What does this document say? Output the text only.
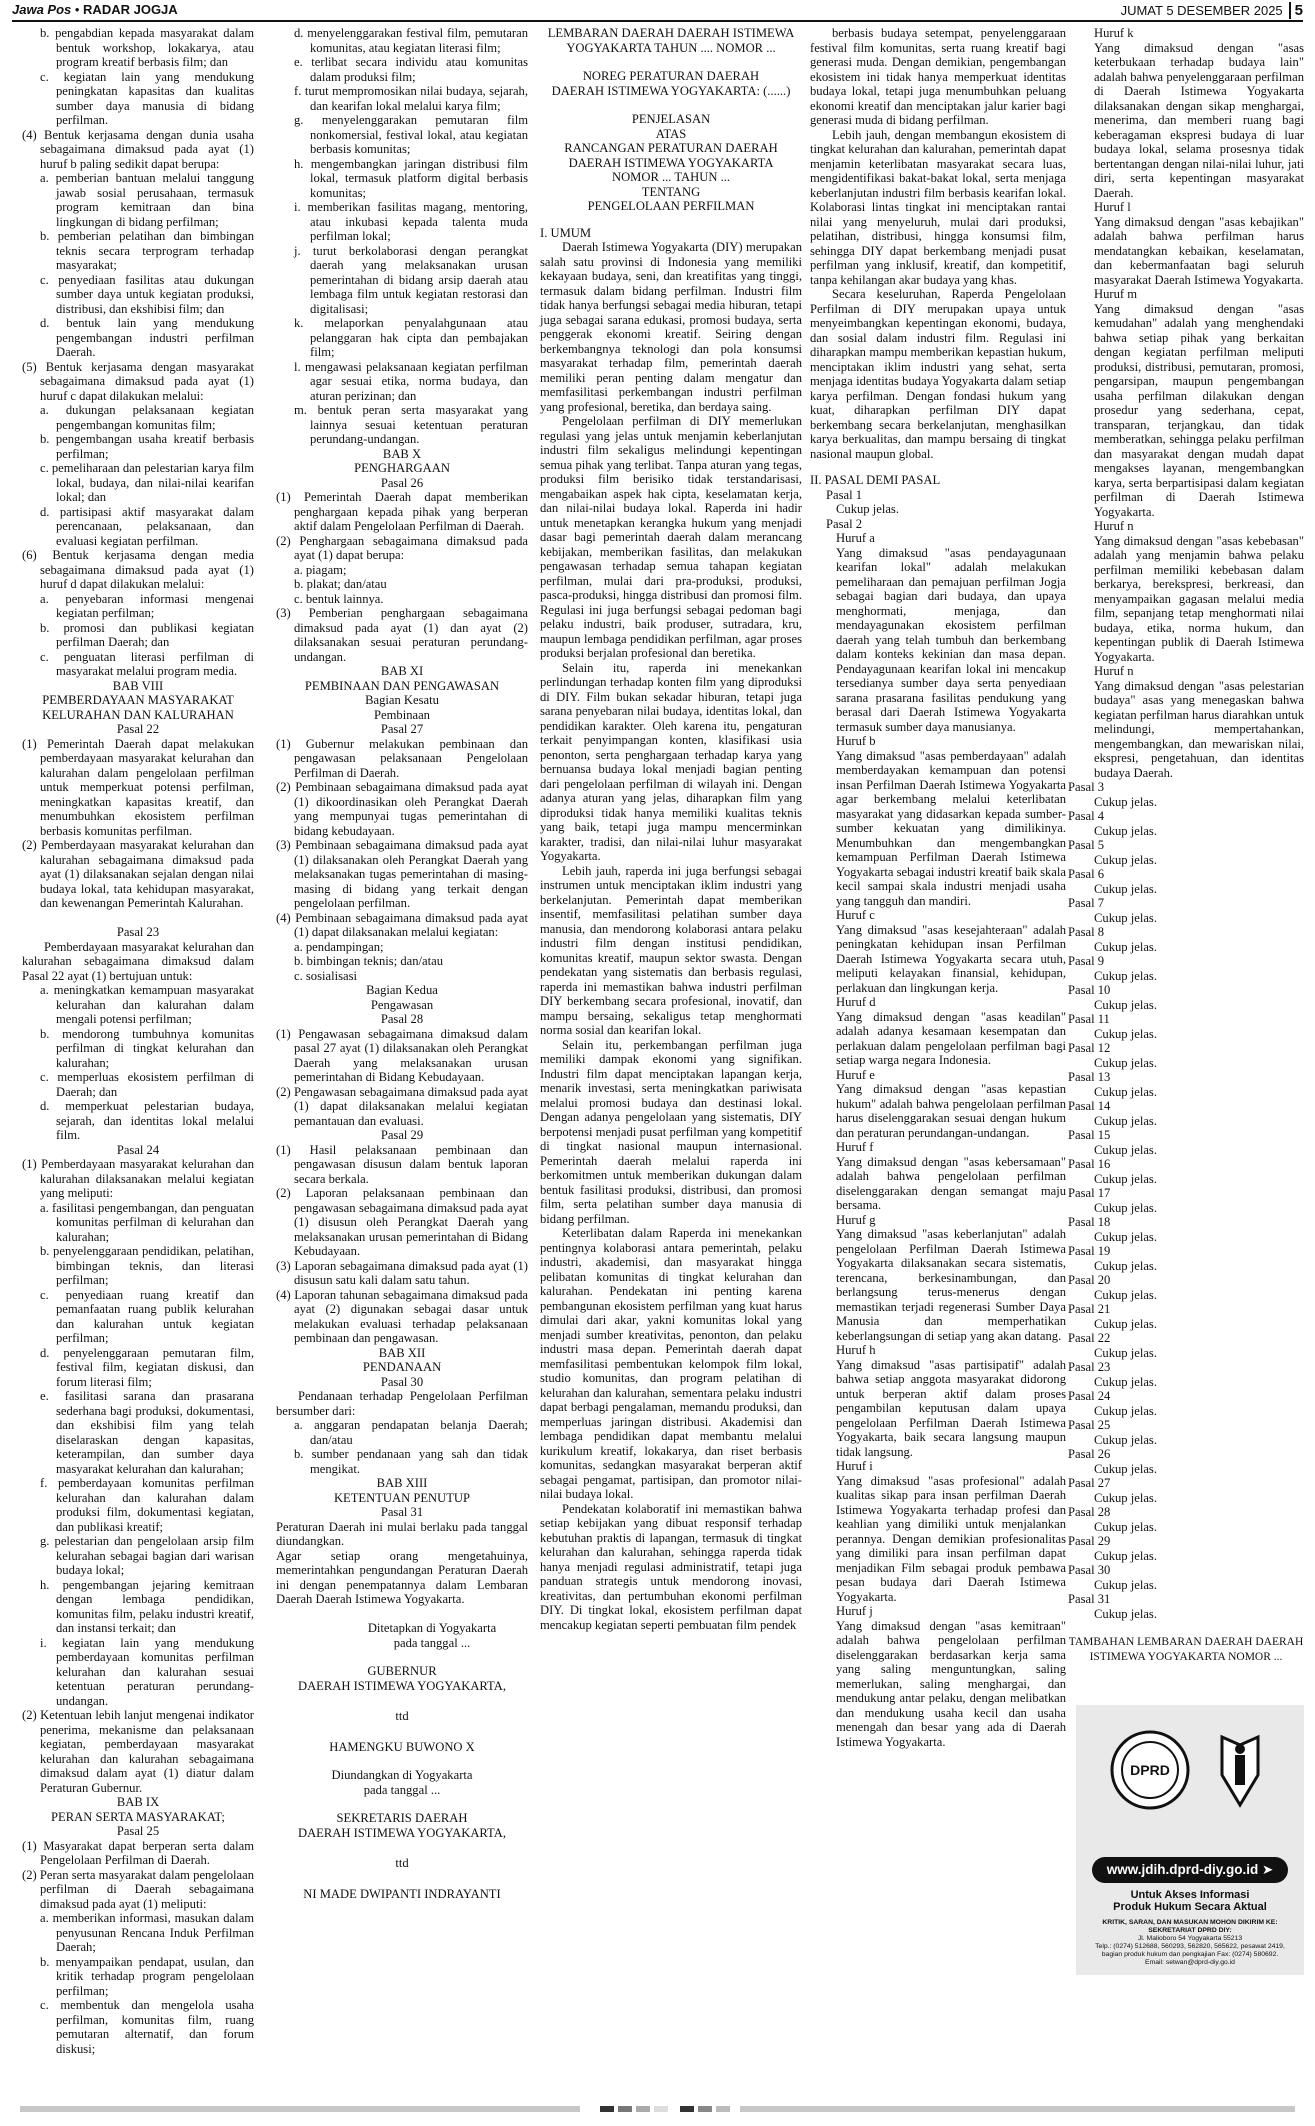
Jawa Pos • RADAR JOGJA	JUMAT 5 DESEMBER 2025 5

b. pengabdian kepada masyarakat dalam bentuk workshop, lokakarya, atau program kreatif berbasis film; dan

c. kegiatan lain yang mendukung peningkatan kapasitas dan kualitas sumber daya manusia di bidang perfilman.

(4) Bentuk kerjasama dengan dunia usaha sebagaimana dimaksud pada ayat (1) huruf b paling sedikit dapat berupa:

a. pemberian bantuan melalui tanggung jawab sosial perusahaan, termasuk program kemitraan dan bina lingkungan di bidang perfilman;

b. pemberian pelatihan dan bimbingan teknis secara terprogram terhadap masyarakat;

c. penyediaan fasilitas atau dukungan sumber daya untuk kegiatan produksi, distribusi, dan ekshibisi film; dan

d. bentuk lain yang mendukung pengembangan industri perfilman Daerah.

(5) Bentuk kerjasama dengan masyarakat sebagaimana dimaksud pada ayat (1) huruf c dapat dilakukan melalui:

a. dukungan pelaksanaan kegiatan pengembangan komunitas film;

b. pengembangan usaha kreatif berbasis perfilman;

c. pemeliharaan dan pelestarian karya film lokal, budaya, dan nilai-nilai kearifan lokal; dan

d. partisipasi aktif masyarakat dalam perencanaan, pelaksanaan, dan evaluasi kegiatan perfilman.

(6) Bentuk kerjasama dengan media sebagaimana dimaksud pada ayat (1) huruf d dapat dilakukan melalui:

a. penyebaran informasi mengenai kegiatan perfilman;

b. promosi dan publikasi kegiatan perfilman Daerah; dan

c. penguatan literasi perfilman di masyarakat melalui program media.

BAB VIII

PEMBERDAYAAN MASYARAKAT

KELURAHAN DAN KALURAHAN

Pasal 22

(1) Pemerintah Daerah dapat melakukan pemberdayaan masyarakat kelurahan dan kalurahan dalam pengelolaan perfilman untuk memperkuat potensi perfilman, meningkatkan kapasitas kreatif, dan menumbuhkan ekosistem perfilman berbasis komunitas perfilman.

(2) Pemberdayaan masyarakat kelurahan dan kalurahan sebagaimana dimaksud pada ayat (1) dilaksanakan sejalan dengan nilai budaya lokal, tata kehidupan masyarakat, dan kewenangan Pemerintah Kalurahan.

Pasal 23

Pemberdayaan masyarakat kelurahan dan kalurahan sebagaimana dimaksud dalam Pasal 22 ayat (1) bertujuan untuk:

a. meningkatkan kemampuan masyarakat kelurahan dan kalurahan dalam mengali potensi perfilman;

b. mendorong tumbuhnya komunitas perfilman di tingkat kelurahan dan kalurahan;

c. memperluas ekosistem perfilman di Daerah; dan

d. memperkuat pelestarian budaya, sejarah, dan identitas lokal melalui film.

Pasal 24

(1) Pemberdayaan masyarakat kelurahan dan kalurahan dilaksanakan melalui kegiatan yang meliputi:

a. fasilitasi pengembangan, dan penguatan komunitas perfilman di kelurahan dan kalurahan;

b. penyelenggaraan pendidikan, pelatihan, bimbingan teknis, dan literasi perfilman;

c. penyediaan ruang kreatif dan pemanfaatan ruang publik kelurahan dan kalurahan untuk kegiatan perfilman;

d. penyelenggaraan pemutaran film, festival film, kegiatan diskusi, dan forum literasi film;

e. fasilitasi sarana dan prasarana sederhana bagi produksi, dokumentasi, dan ekshibisi film yang telah diselaraskan dengan kapasitas, keterampilan, dan sumber daya masyarakat kelurahan dan kalurahan;

f. pemberdayaan komunitas perfilman kelurahan dan kalurahan dalam produksi film, dokumentasi kegiatan, dan publikasi kreatif;

g. pelestarian dan pengelolaan arsip film kelurahan sebagai bagian dari warisan budaya lokal;

h. pengembangan jejaring kemitraan dengan lembaga pendidikan, komunitas film, pelaku industri kreatif, dan instansi terkait; dan

i. kegiatan lain yang mendukung pemberdayaan komunitas perfilman kelurahan dan kalurahan sesuai ketentuan peraturan perundang-undangan.

(2) Ketentuan lebih lanjut mengenai indikator penerima, mekanisme dan pelaksanaan kegiatan, pemberdayaan masyarakat kelurahan dan kalurahan sebagaimana dimaksud dalam ayat (1) diatur dalam Peraturan Gubernur.

BAB IX

PERAN SERTA MASYARAKAT;

Pasal 25

(1) Masyarakat dapat berperan serta dalam Pengelolaan Perfilman di Daerah.

(2) Peran serta masyarakat dalam pengelolaan perfilman di Daerah sebagaimana dimaksud pada ayat (1) meliputi:

a. memberikan informasi, masukan dalam penyusunan Rencana Induk Perfilman Daerah;

b. menyampaikan pendapat, usulan, dan kritik terhadap program pengelolaan perfilman;

c. membentuk dan mengelola usaha perfilman, komunitas film, ruang pemutaran alternatif, dan forum diskusi;

d. menyelenggarakan festival film, pemutaran komunitas, atau kegiatan literasi film;

e. terlibat secara individu atau komunitas dalam produksi film;

f. turut mempromosikan nilai budaya, sejarah, dan kearifan lokal melalui karya film;

g. menyelenggarakan pemutaran film nonkomersial, festival lokal, atau kegiatan berbasis komunitas;

h. mengembangkan jaringan distribusi film lokal, termasuk platform digital berbasis komunitas;

i. memberikan fasilitas magang, mentoring, atau inkubasi kepada talenta muda perfilman lokal;

j. turut berkolaborasi dengan perangkat daerah yang melaksanakan urusan pemerintahan di bidang arsip daerah atau lembaga film untuk kegiatan restorasi dan digitalisasi;

k. melaporkan penyalahgunaan atau pelanggaran hak cipta dan pembajakan film;

l. mengawasi pelaksanaan kegiatan perfilman agar sesuai etika, norma budaya, dan aturan perizinan; dan

m. bentuk peran serta masyarakat yang lainnya sesuai ketentuan peraturan perundang-undangan.

BAB X

PENGHARGAAN

Pasal 26

(1) Pemerintah Daerah dapat memberikan penghargaan kepada pihak yang berperan aktif dalam Pengelolaan Perfilman di Daerah.

(2) Penghargaan sebagaimana dimaksud pada ayat (1) dapat berupa:

a. piagam;

b. plakat; dan/atau

c. bentuk lainnya.

(3) Pemberian penghargaan sebagaimana dimaksud pada ayat (1) dan ayat (2) dilaksanakan sesuai peraturan perundang-undangan.

BAB XI

PEMBINAAN DAN PENGAWASAN

Bagian Kesatu

Pembinaan

Pasal 27

(1) Gubernur melakukan pembinaan dan pengawasan pelaksanaan Pengelolaan Perfilman di Daerah.

(2) Pembinaan sebagaimana dimaksud pada ayat (1) dikoordinasikan oleh Perangkat Daerah yang mempunyai tugas pemerintahan di bidang kebudayaan.

(3) Pembinaan sebagaimana dimaksud pada ayat (1) dilaksanakan oleh Perangkat Daerah yang melaksanakan tugas pemerintahan di masing-masing di bidang yang terkait dengan pengelolaan perfilman.

(4) Pembinaan sebagaimana dimaksud pada ayat (1) dapat dilaksanakan melalui kegiatan:

a. pendampingan;

b. bimbingan teknis; dan/atau

c. sosialisasi

Bagian Kedua

Pengawasan

Pasal 28

(1) Pengawasan sebagaimana dimaksud dalam pasal 27 ayat (1) dilaksanakan oleh Perangkat Daerah yang melaksanakan urusan pemerintahan di Bidang Kebudayaan.

(2) Pengawasan sebagaimana dimaksud pada ayat (1) dapat dilaksanakan melalui kegiatan pemantauan dan evaluasi.

Pasal 29

(1) Hasil pelaksanaan pembinaan dan pengawasan disusun dalam bentuk laporan secara berkala.

(2) Laporan pelaksanaan pembinaan dan pengawasan sebagaimana dimaksud pada ayat (1) disusun oleh Perangkat Daerah yang melaksanakan urusan pemerintahan di Bidang Kebudayaan.

(3) Laporan sebagaimana dimaksud pada ayat (1) disusun satu kali dalam satu tahun.

(4) Laporan tahunan sebagaimana dimaksud pada ayat (2) digunakan sebagai dasar untuk melakukan evaluasi terhadap pelaksanaan pembinaan dan pengawasan.

BAB XII

PENDANAAN

Pasal 30

Pendanaan terhadap Pengelolaan Perfilman bersumber dari:

a. anggaran pendapatan belanja Daerah; dan/atau

b. sumber pendanaan yang sah dan tidak mengikat.

BAB XIII

KETENTUAN PENUTUP

Pasal 31

Peraturan Daerah ini mulai berlaku pada tanggal diundangkan.

Agar setiap orang mengetahuinya, memerintahkan pengundangan Peraturan Daerah ini dengan penempatannya dalam Lembaran Daerah Daerah Istimewa Yogyakarta.

Ditetapkan di Yogyakarta

pada tanggal ...

GUBERNUR

DAERAH ISTIMEWA YOGYAKARTA,

ttd

HAMENGKU BUWONO X

Diundangkan di Yogyakarta

pada tanggal ...

SEKRETARIS DAERAH

DAERAH ISTIMEWA YOGYAKARTA,

ttd

NI MADE DWIPANTI INDRAYANTI

LEMBARAN DAERAH DAERAH ISTIMEWA

YOGYAKARTA TAHUN .... NOMOR ...

NOREG PERATURAN DAERAH

DAERAH ISTIMEWA YOGYAKARTA: (......)

PENJELASAN

ATAS

RANCANGAN PERATURAN DAERAH

DAERAH ISTIMEWA YOGYAKARTA

NOMOR ... TAHUN ...

TENTANG

PENGELOLAAN PERFILMAN

I. UMUM

Daerah Istimewa Yogyakarta (DIY) merupakan salah satu provinsi di Indonesia yang memiliki kekayaan budaya, seni, dan kreatifitas yang tinggi, termasuk dalam bidang perfilman. Industri film tidak hanya berfungsi sebagai media hiburan, tetapi juga sebagai sarana edukasi, promosi budaya, serta penggerak ekonomi kreatif. Seiring dengan berkembangnya teknologi dan pola konsumsi masyarakat terhadap film, pemerintah daerah memiliki peran penting dalam mengatur dan memfasilitasi perkembangan industri perfilman yang profesional, beretika, dan berdaya saing.

Pengelolaan perfilman di DIY memerlukan regulasi yang jelas untuk menjamin keberlanjutan industri film sekaligus melindungi kepentingan semua pihak yang terlibat. Tanpa aturan yang tegas, produksi film berisiko tidak terstandarisasi, mengabaikan aspek hak cipta, keselamatan kerja, dan nilai-nilai budaya lokal. Raperda ini hadir untuk menetapkan kerangka hukum yang menjadi dasar bagi pemerintah daerah dalam merancang kebijakan, memberikan fasilitas, dan melakukan pengawasan terhadap semua tahapan kegiatan perfilman, mulai dari pra-produksi, produksi, pasca-produksi, hingga distribusi dan promosi film. Regulasi ini juga berfungsi sebagai pedoman bagi pelaku industri, baik produser, sutradara, kru, maupun lembaga pendidikan perfilman, agar proses produksi berjalan profesional dan beretika.

Selain itu, raperda ini menekankan perlindungan terhadap konten film yang diproduksi di DIY. Film bukan sekadar hiburan, tetapi juga sarana penyebaran nilai budaya, identitas lokal, dan pendidikan karakter. Oleh karena itu, pengaturan terkait penyimpangan konten, klasifikasi usia penonton, serta penghargaan terhadap karya yang bernuansa budaya lokal menjadi bagian penting dari pengelolaan perfilman di wilayah ini. Dengan adanya aturan yang jelas, diharapkan film yang diproduksi tidak hanya memiliki kualitas teknis yang baik, tetapi juga mampu mencerminkan karakter, tradisi, dan nilai-nilai luhur masyarakat Yogyakarta.

Lebih jauh, raperda ini juga berfungsi sebagai instrumen untuk menciptakan iklim industri yang berkelanjutan. Pemerintah dapat memberikan insentif, memfasilitasi pelatihan sumber daya manusia, dan mendorong kolaborasi antara pelaku industri film dengan institusi pendidikan, komunitas kreatif, maupun sektor swasta. Dengan pendekatan yang sistematis dan berbasis regulasi, raperda ini memastikan bahwa industri perfilman DIY berkembang secara profesional, inovatif, dan mampu bersaing, sekaligus tetap menghormati norma sosial dan kearifan lokal.

Selain itu, perkembangan perfilman juga memiliki dampak ekonomi yang signifikan. Industri film dapat menciptakan lapangan kerja, menarik investasi, serta meningkatkan pariwisata melalui promosi budaya dan destinasi lokal. Dengan adanya pengelolaan yang sistematis, DIY berpotensi menjadi pusat perfilman yang kompetitif di tingkat nasional maupun internasional. Pemerintah daerah melalui raperda ini berkomitmen untuk memberikan dukungan dalam bentuk fasilitasi produksi, distribusi, dan promosi film, serta pelatihan sumber daya manusia di bidang perfilman.

Keterlibatan dalam Raperda ini menekankan pentingnya kolaborasi antara pemerintah, pelaku industri, akademisi, dan masyarakat hingga pelibatan komunitas di tingkat kelurahan dan kalurahan. Pendekatan ini penting karena pembangunan ekosistem perfilman yang kuat harus dimulai dari akar, yakni komunitas lokal yang menjadi sumber kreativitas, penonton, dan pelaku industri masa depan. Pemerintah daerah dapat memfasilitasi pembentukan kelompok film lokal, studio komunitas, dan program pelatihan di kelurahan dan kalurahan, sementara pelaku industri dapat berbagi pengalaman, memandu produksi, dan memperluas jaringan distribusi. Akademisi dan lembaga pendidikan dapat membantu melalui kurikulum kreatif, lokakarya, dan riset berbasis komunitas, sedangkan masyarakat berperan aktif sebagai pengamat, partisipan, dan promotor nilai-nilai budaya lokal.

Pendekatan kolaboratif ini memastikan bahwa setiap kebijakan yang dibuat responsif terhadap kebutuhan praktis di lapangan, termasuk di tingkat kelurahan dan kalurahan, sehingga raperda tidak hanya menjadi regulasi administratif, tetapi juga panduan strategis untuk mendorong inovasi, kreativitas, dan pertumbuhan ekonomi perfilman DIY. Di tingkat lokal, ekosistem perfilman dapat mencakup kegiatan seperti pembuatan film pendek

berbasis budaya setempat, penyelenggaraan festival film komunitas, serta ruang kreatif bagi generasi muda. Dengan demikian, pengembangan ekosistem ini tidak hanya memperkuat identitas budaya lokal, tetapi juga menumbuhkan peluang ekonomi kreatif dan menciptakan jalur karier bagi generasi muda di bidang perfilman.

Lebih jauh, dengan membangun ekosistem di tingkat kelurahan dan kalurahan, pemerintah dapat menjamin keterlibatan masyarakat secara luas, mengidentifikasi bakat-bakat lokal, serta menjaga keberlanjutan industri film berbasis kearifan lokal. Kolaborasi lintas tingkat ini menciptakan rantai nilai yang menyeluruh, mulai dari produksi, pelatihan, distribusi, hingga konsumsi film, sehingga DIY dapat berkembang menjadi pusat perfilman yang inklusif, kreatif, dan kompetitif, tanpa kehilangan akar budaya yang khas.

Secara keseluruhan, Raperda Pengelolaan Perfilman di DIY merupakan upaya untuk menyeimbangkan kepentingan ekonomi, budaya, dan sosial dalam industri film. Regulasi ini diharapkan mampu memberikan kepastian hukum, menciptakan iklim industri yang sehat, serta menjaga identitas budaya Yogyakarta dalam setiap karya perfilman. Dengan fondasi hukum yang kuat, diharapkan perfilman DIY dapat berkembang secara berkelanjutan, menghasilkan karya berkualitas, dan mampu bersaing di tingkat nasional maupun global.

II. PASAL DEMI PASAL

Pasal 1

Cukup jelas.

Pasal 2

Huruf a

Yang dimaksud "asas pendayagunaan kearifan lokal" adalah melakukan pemeliharaan dan pemajuan perfilman Jogja sebagai bagian dari budaya, dan upaya menghormati, menjaga, dan mendayagunakan ekosistem perfilman daerah yang telah tumbuh dan berkembang dalam konteks kekinian dan masa depan. Pendayagunaan kearifan lokal ini mencakup tersedianya sumber daya serta penyediaan sarana prasarana fasilitas pendukung yang berasal dari Daerah Istimewa Yogyakarta termasuk sumber daya manusianya.

Huruf b

Yang dimaksud "asas pemberdayaan" adalah memberdayakan kemampuan dan potensi insan Perfilman Daerah Istimewa Yogyakarta agar berkembang melalui keterlibatan masyarakat yang didasarkan kepada sumber-sumber kekuatan yang dimilikinya. Menumbuhkan dan mengembangkan kemampuan Perfilman Daerah Istimewa Yogyakarta sebagai industri kreatif baik skala kecil sampai skala industri menjadi usaha yang tangguh dan mandiri.

Huruf c

Yang dimaksud "asas kesejahteraan" adalah peningkatan kehidupan insan Perfilman Daerah Istimewa Yogyakarta secara utuh, meliputi kelayakan finansial, kehidupan, perlakuan dan lingkungan kerja.

Huruf d

Yang dimaksud dengan "asas keadilan" adalah adanya kesamaan kesempatan dan perlakuan dalam pengelolaan perfilman bagi setiap warga negara Indonesia.

Huruf e

Yang dimaksud dengan "asas kepastian hukum" adalah bahwa pengelolaan perfilman harus diselenggarakan sesuai dengan hukum dan peraturan perundangan-undangan.

Huruf f

Yang dimaksud dengan "asas kebersamaan" adalah bahwa pengelolaan perfilman diselenggarakan dengan semangat maju bersama.

Huruf g

Yang dimaksud "asas keberlanjutan" adalah pengelolaan Perfilman Daerah Istimewa Yogyakarta dilaksanakan secara sistematis, terencana, berkesinambungan, dan berlangsung terus-menerus dengan memastikan terjadi regenerasi Sumber Daya Manusia dan memperhatikan keberlangsungan di setiap yang akan datang.

Huruf h

Yang dimaksud "asas partisipatif" adalah bahwa setiap anggota masyarakat didorong untuk berperan aktif dalam proses pengambilan keputusan dalam upaya pengelolaan Perfilman Daerah Istimewa Yogyakarta, baik secara langsung maupun tidak langsung.

Huruf i

Yang dimaksud "asas profesional" adalah kualitas sikap para insan perfilman Daerah Istimewa Yogyakarta terhadap profesi dan keahlian yang dimiliki untuk menjalankan perannya. Dengan demikian profesionalitas yang dimiliki para insan perfilman dapat menjadikan Film sebagai produk pembawa pesan budaya dari Daerah Istimewa Yogyakarta.

Huruf j

Yang dimaksud dengan "asas kemitraan" adalah bahwa pengelolaan perfilman diselenggarakan berdasarkan kerja sama yang saling menguntungkan, saling memerlukan, saling menghargai, dan mendukung antar pelaku, dengan melibatkan dan mendukung usaha kecil dan usaha menengah dan besar yang ada di Daerah Istimewa Yogyakarta.

Huruf k

Yang dimaksud dengan "asas keterbukaan terhadap budaya lain" adalah bahwa penyelenggaraan perfilman di Daerah Istimewa Yogyakarta dilaksanakan dengan sikap menghargai, menerima, dan memberi ruang bagi keberagaman ekspresi budaya di luar budaya lokal, selama prosesnya tidak bertentangan dengan nilai-nilai luhur, jati diri, serta kepentingan masyarakat Daerah.

Huruf l

Yang dimaksud dengan "asas kebajikan" adalah bahwa perfilman harus mendatangkan kebaikan, keselamatan, dan kebermanfaatan bagi seluruh masyarakat Daerah Istimewa Yogyakarta.

Huruf m

Yang dimaksud dengan "asas kemudahan" adalah yang menghendaki bahwa setiap pihak yang berkaitan dengan kegiatan perfilman meliputi produksi, distribusi, pemutaran, promosi, pengarsipan, maupun pengembangan usaha perfilman dilakukan dengan prosedur yang sederhana, cepat, transparan, terjangkau, dan tidak memberatkan, sehingga pelaku perfilman dan masyarakat dengan mudah dapat mengakses layanan, mengembangkan karya, serta berpartisipasi dalam kegiatan perfilman di Daerah Istimewa Yogyakarta.

Huruf n

Yang dimaksud dengan "asas kebebasan" adalah yang menjamin bahwa pelaku perfilman memiliki kebebasan dalam berkarya, berekspresi, berkreasi, dan menyampaikan gagasan melalui media film, sepanjang tetap menghormati nilai budaya, etika, norma hukum, dan kepentingan publik di Daerah Istimewa Yogyakarta.

Huruf n

Yang dimaksud dengan "asas pelestarian budaya" asas yang menegaskan bahwa kegiatan perfilman harus diarahkan untuk melindungi, mempertahankan, mengembangkan, dan mewariskan nilai, ekspresi, pengetahuan, dan identitas budaya Daerah.

Pasal 3

Cukup jelas.

Pasal 4

Cukup jelas.

Pasal 5

Cukup jelas.

Pasal 6

Cukup jelas.

Pasal 7

Cukup jelas.

Pasal 8

Cukup jelas.

Pasal 9

Cukup jelas.

Pasal 10

Cukup jelas.

Pasal 11

Cukup jelas.

Pasal 12

Cukup jelas.

Pasal 13

Cukup jelas.

Pasal 14

Cukup jelas.

Pasal 15

Cukup jelas.

Pasal 16

Cukup jelas.

Pasal 17

Cukup jelas.

Pasal 18

Cukup jelas.

Pasal 19

Cukup jelas.

Pasal 20

Cukup jelas.

Pasal 21

Cukup jelas.

Pasal 22

Cukup jelas.

Pasal 23

Cukup jelas.

Pasal 24

Cukup jelas.

Pasal 25

Cukup jelas.

Pasal 26

Cukup jelas.

Pasal 27

Cukup jelas.

Pasal 28

Cukup jelas.

Pasal 29

Cukup jelas.

Pasal 30

Cukup jelas.

Pasal 31

Cukup jelas.

TAMBAHAN LEMBARAN DAERAH DAERAH ISTIMEWA YOGYAKARTA NOMOR ...

DPRD
www.jdih.dprd-diy.go.id ➤
Untuk Akses Informasi
Produk Hukum Secara Aktual
KRITIK, SARAN, DAN MASUKAN MOHON DIKIRIM KE:
SEKRETARIAT DPRD DIY:
Jl. Malioboro 54 Yogyakarta 55213
Telp.: (0274) 512688, 560293, 562820, 565622, pesawat 2419,
bagian produk hukum dan pengkajian Fax: (0274) 580692.
Email: setwan@dprd-diy.go.id
